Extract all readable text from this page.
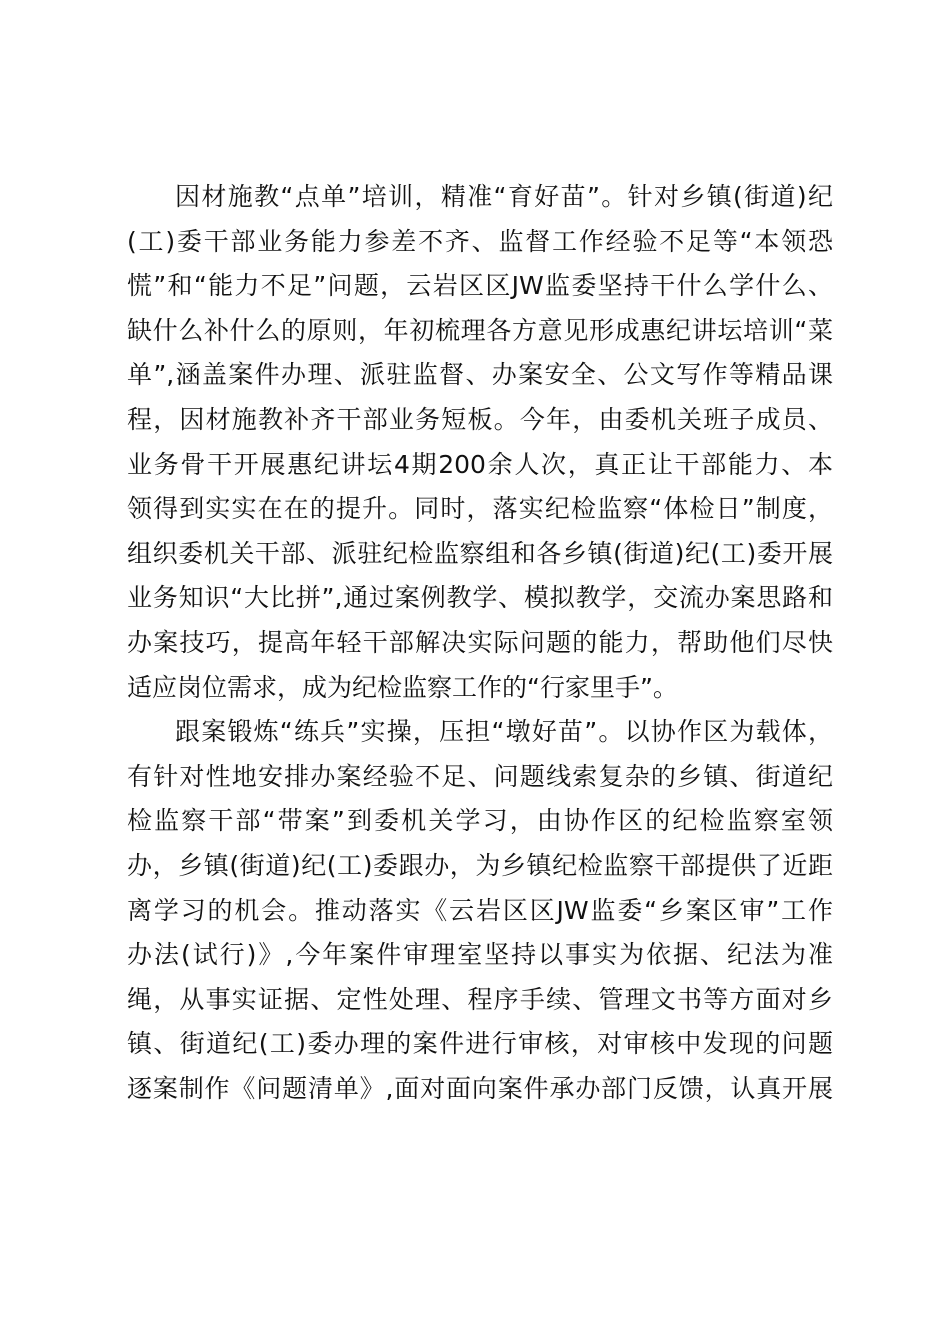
因材施教“点单”培训，精准“育好苗”。针对乡镇(街道)纪
(工)委干部业务能力参差不齐、监督工作经验不足等“本领恐
慌”和“能力不足”问题，云岩区区JW监委坚持干什么学什么、
缺什么补什么的原则，年初梳理各方意见形成惠纪讲坛培训“菜
单”,涵盖案件办理、派驻监督、办案安全、公文写作等精品课
程，因材施教补齐干部业务短板。今年，由委机关班子成员、
业务骨干开展惠纪讲坛4期200余人次，真正让干部能力、本
领得到实实在在的提升。同时，落实纪检监察“体检日”制度，
组织委机关干部、派驻纪检监察组和各乡镇(街道)纪(工)委开展
业务知识“大比拼”,通过案例教学、模拟教学，交流办案思路和
办案技巧，提高年轻干部解决实际问题的能力，帮助他们尽快
适应岗位需求，成为纪检监察工作的“行家里手”。
跟案锻炼“练兵”实操，压担“墩好苗”。以协作区为载体，
有针对性地安排办案经验不足、问题线索复杂的乡镇、街道纪
检监察干部“带案”到委机关学习，由协作区的纪检监察室领
办，乡镇(街道)纪(工)委跟办，为乡镇纪检监察干部提供了近距
离学习的机会。推动落实《云岩区区JW监委“乡案区审”工作
办法(试行)》,今年案件审理室坚持以事实为依据、纪法为准
绳，从事实证据、定性处理、程序手续、管理文书等方面对乡
镇、街道纪(工)委办理的案件进行审核，对审核中发现的问题
逐案制作《问题清单》,面对面向案件承办部门反馈，认真开展
